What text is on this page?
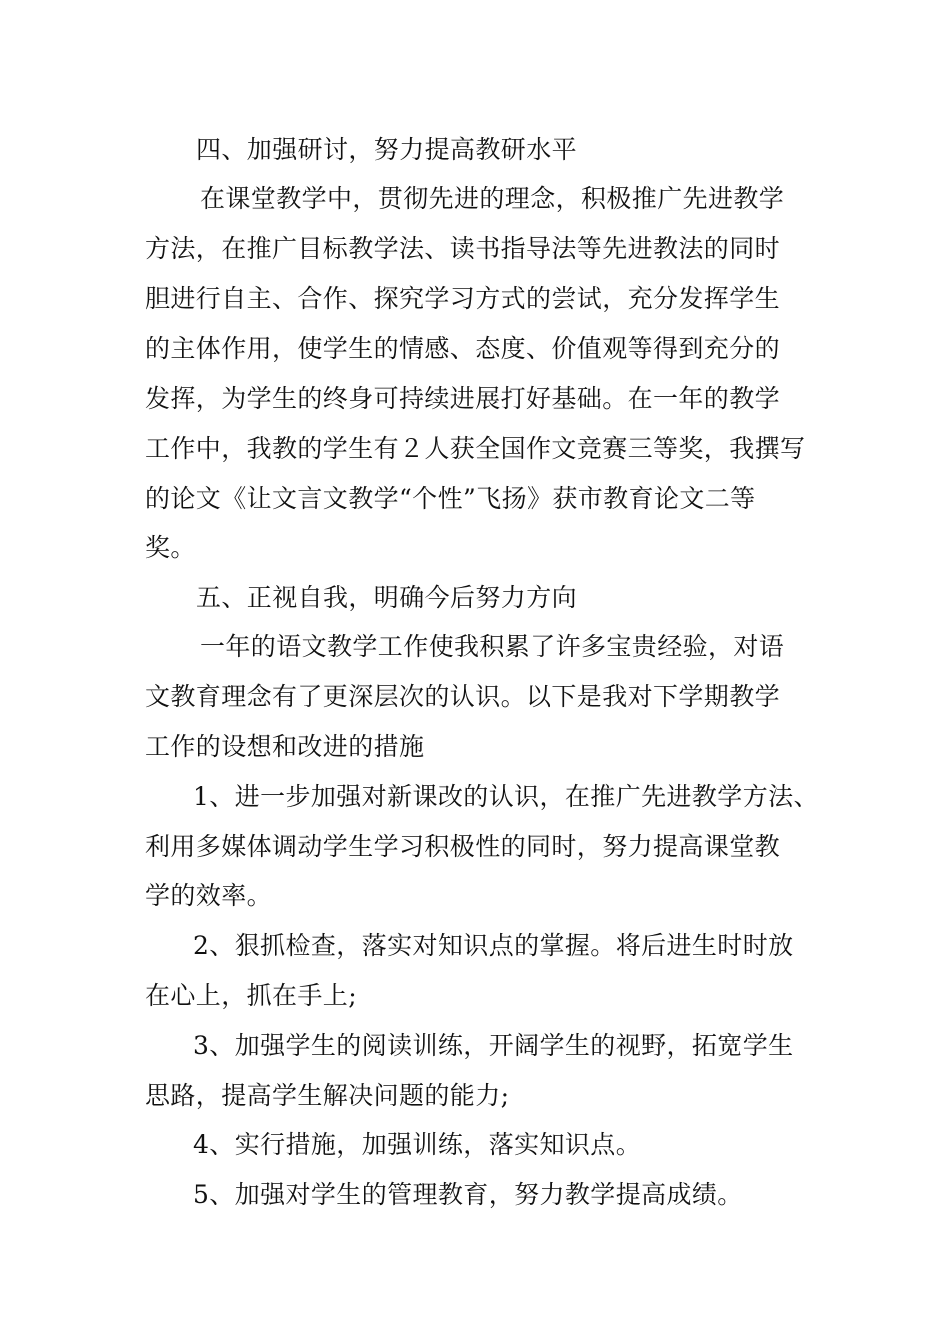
四、加强研讨，努力提高教研水平

在课堂教学中，贯彻先进的理念，积极推广先进教学

方法，在推广目标教学法、读书指导法等先进教法的同时

胆进行自主、合作、探究学习方式的尝试，充分发挥学生

的主体作用，使学生的情感、态度、价值观等得到充分的

发挥，为学生的终身可持续进展打好基础。在一年的教学

工作中，我教的学生有２人获全国作文竞赛三等奖，我撰写

的论文《让文言文教学“个性”飞扬》获市教育论文二等

奖。

五、正视自我，明确今后努力方向

一年的语文教学工作使我积累了许多宝贵经验，对语

文教育理念有了更深层次的认识。以下是我对下学期教学

工作的设想和改进的措施

1、进一步加强对新课改的认识，在推广先进教学方法、

利用多媒体调动学生学习积极性的同时，努力提高课堂教

学的效率。

2、狠抓检查，落实对知识点的掌握。将后进生时时放

在心上，抓在手上;

3、加强学生的阅读训练，开阔学生的视野，拓宽学生

思路，提高学生解决问题的能力;

4、实行措施，加强训练，落实知识点。

5、加强对学生的管理教育，努力教学提高成绩。
